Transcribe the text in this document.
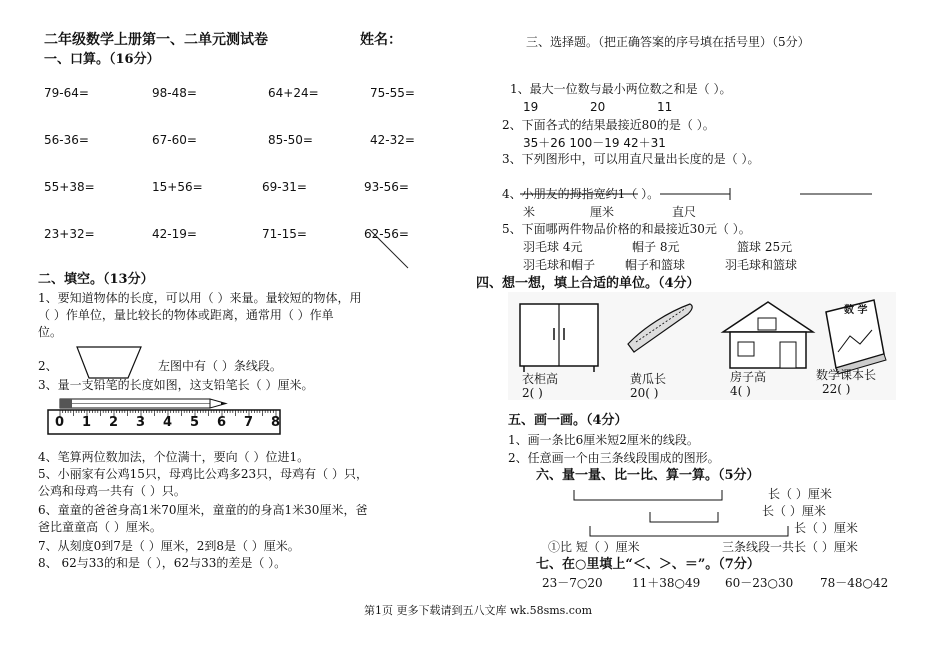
二年级数学上册第一、二单元测试卷	姓名：
一、口算。（16分）
79-64=	98-48=	64+24=	75-55=
56-36=	67-60=	85-50=	42-32=
55+38=	15+56=	69-31=	93-56=
23+32=	42-19=	71-15=	62-56=
二、填空。（13分）
1、要知道物体的长度，可以用（ ）来量。量较短的物体，用
（ ）作单位，量比较长的物体或距离，通常用（ ）作单
位。
2、	左图中有（ ）条线段。
3、量一支铅笔的长度如图，这支铅笔长（ ）厘米。
0 1 2 3 4 5 6 7 8
4、笔算两位数加法，个位满十，要向（ ）位进1。
5、小丽家有公鸡15只，母鸡比公鸡多23只，母鸡有（ ）只，
公鸡和母鸡一共有（ ）只。
6、童童的爸爸身高1米70厘米，童童的的身高1米30厘米，爸
爸比童童高（ ）厘米。
7、从刻度0到7是（ ）厘米，2到8是（ ）厘米。
8、 62与33的和是（ ），62与33的差是（ ）。
三、选择题。（把正确答案的序号填在括号里）（5分）
1、最大一位数与最小两位数之和是（ ）。
19	20	11
2、下面各式的结果最接近80的是（ ）。
35＋26 100－19 42＋31
3、下列图形中，可以用直尺量出长度的是（ ）。
4、小朋友的拇指宽约1（ ）。
米	厘米	直尺
5、下面哪两件物品价格的和最接近30元（ ）。
羽毛球 4元	帽子 8元	篮球 25元
羽毛球和帽子 帽子和篮球	羽毛球和篮球
四、想一想，填上合适的单位。（4分）
数 学
衣柜高
2( )
黄瓜长
20( )
房子高
4( )
数学课本长
22( )
五、画一画。（4分）
1、画一条比6厘米短2厘米的线段。
2、任意画一个由三条线段围成的图形。
六、量一量、比一比、算一算。（5分）
长（ ）厘米
长（ ）厘米
长（ ）厘米
①比 短（ ）厘米	三条线段一共长（ ）厘米
七、在○里填上“＜、＞、＝”。（7分）
23－7○20 11＋38○49 60－23○30 78－48○42
第1页 更多下载请到五八文库 wk.58sms.com
